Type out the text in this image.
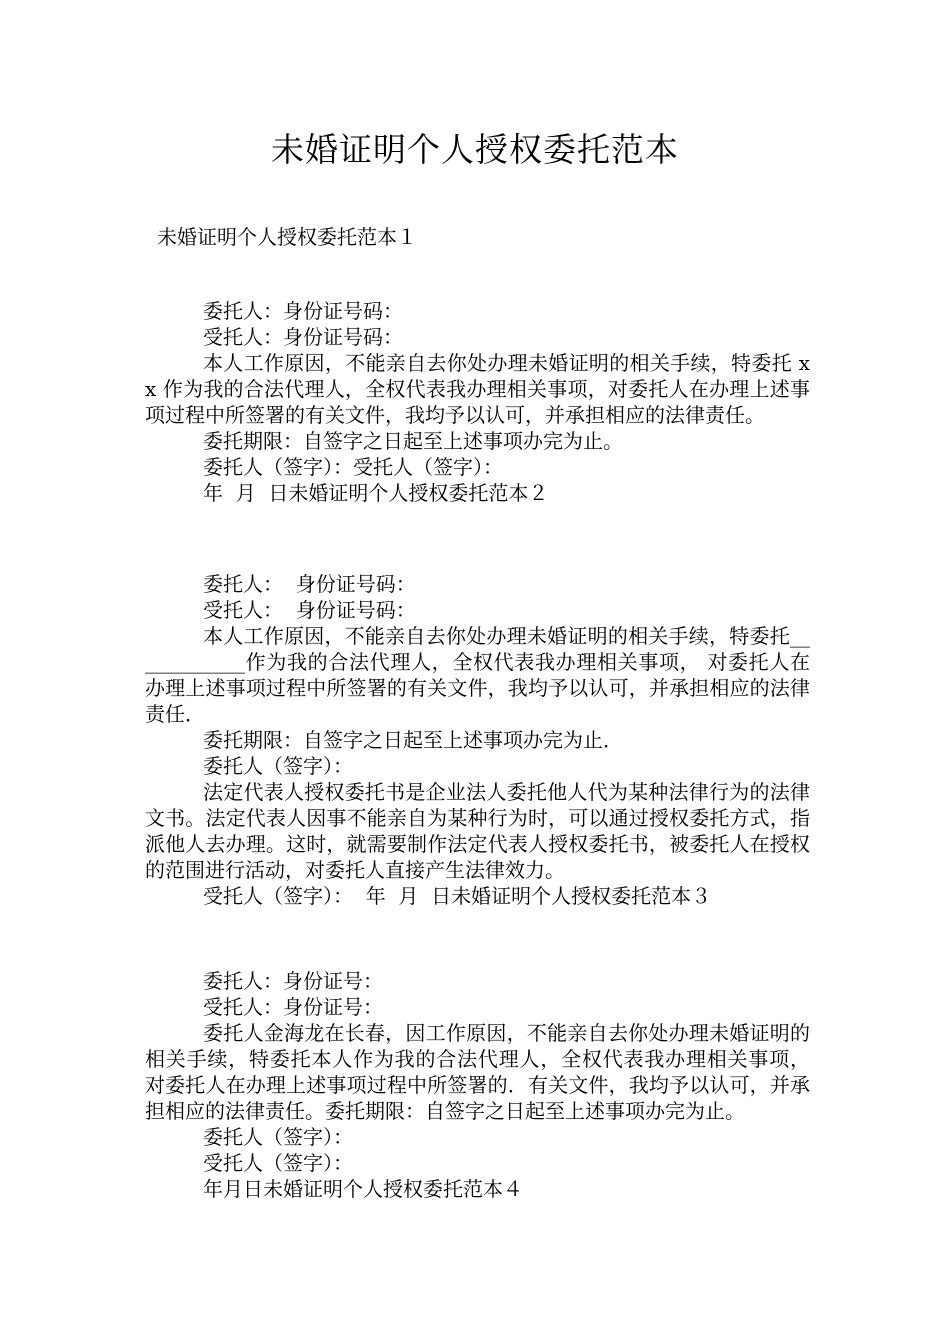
未婚证明个人授权委托范本
未婚证明个人授权委托范本１

委托人：身份证号码：

受托人：身份证号码：

本人工作原因，不能亲自去你处办理未婚证明的相关手续，特委托 xx 作为我的合法代理人，全权代表我办理相关事项，对委托人在办理上述事项过程中所签署的有关文件，我均予以认可，并承担相应的法律责任。

委托期限：自签字之日起至上述事项办完为止。

委托人（签字）：受托人（签字）：

年  月  日未婚证明个人授权委托范本２

委托人：  身份证号码：

受托人：  身份证号码：

本人工作原因，不能亲自去你处办理未婚证明的相关手续，特委托____________作为我的合法代理人，全权代表我办理相关事项， 对委托人在办理上述事项过程中所签署的有关文件，我均予以认可，并承担相应的法律责任．

委托期限：自签字之日起至上述事项办完为止．

委托人（签字）：

法定代表人授权委托书是企业法人委托他人代为某种法律行为的法律文书。法定代表人因事不能亲自为某种行为时，可以通过授权委托方式，指派他人去办理。这时，就需要制作法定代表人授权委托书，被委托人在授权的范围进行活动，对委托人直接产生法律效力。

受托人（签字）：  年  月  日未婚证明个人授权委托范本３

委托人：身份证号：

受托人：身份证号：

委托人金海龙在长春，因工作原因，不能亲自去你处办理未婚证明的相关手续，特委托本人作为我的合法代理人，全权代表我办理相关事项， 对委托人在办理上述事项过程中所签署的．有关文件，我均予以认可，并承担相应的法律责任。委托期限：自签字之日起至上述事项办完为止。

委托人（签字）：

受托人（签字）：

年月日未婚证明个人授权委托范本４
